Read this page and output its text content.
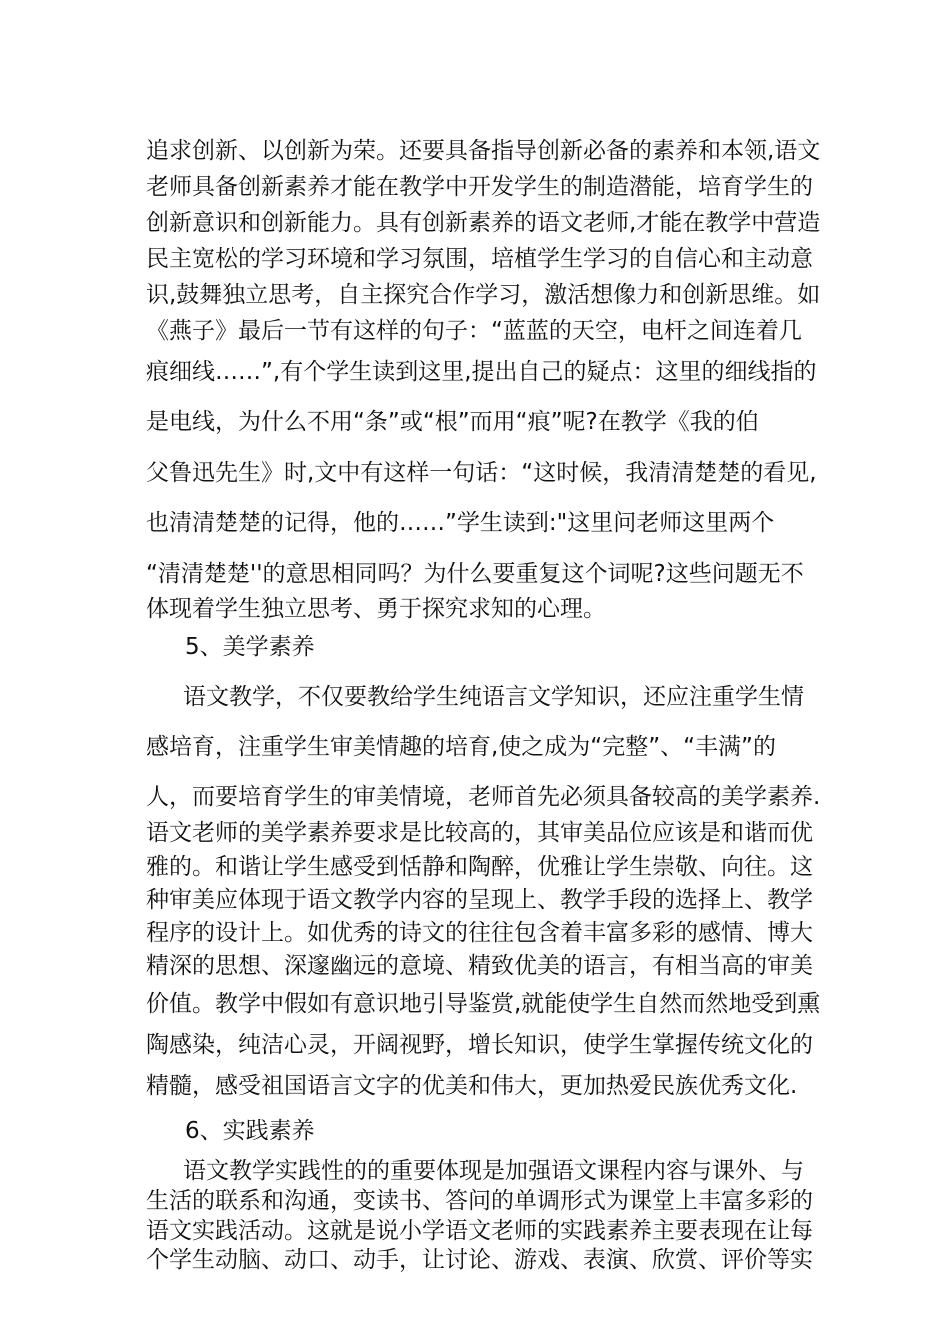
追求创新、以创新为荣。还要具备指导创新必备的素养和本领,语文

老师具备创新素养才能在教学中开发学生的制造潜能，培育学生的

创新意识和创新能力。具有创新素养的语文老师,才能在教学中营造

民主宽松的学习环境和学习氛围，培植学生学习的自信心和主动意

识,鼓舞独立思考，自主探究合作学习，激活想像力和创新思维。如

《燕子》最后一节有这样的句子：“蓝蓝的天空，电杆之间连着几

痕细线……”,有个学生读到这里,提出自己的疑点：这里的细线指的

是电线，为什么不用“条”或“根”而用“痕”呢?在教学《我的伯

父鲁迅先生》时,文中有这样一句话：“这时候，我清清楚楚的看见,

也清清楚楚的记得，他的……”学生读到:"这里问老师这里两个

“清清楚楚''的意思相同吗？为什么要重复这个词呢?这些问题无不

体现着学生独立思考、勇于探究求知的心理。

5、美学素养

语文教学，不仅要教给学生纯语言文学知识，还应注重学生情

感培育，注重学生审美情趣的培育,使之成为“完整”、“丰满”的

人，而要培育学生的审美情境，老师首先必须具备较高的美学素养.

语文老师的美学素养要求是比较高的，其审美品位应该是和谐而优

雅的。和谐让学生感受到恬静和陶醉，优雅让学生崇敬、向往。这

种审美应体现于语文教学内容的呈现上、教学手段的选择上、教学

程序的设计上。如优秀的诗文的往往包含着丰富多彩的感情、博大

精深的思想、深邃幽远的意境、精致优美的语言，有相当高的审美

价值。教学中假如有意识地引导鉴赏,就能使学生自然而然地受到熏

陶感染，纯洁心灵，开阔视野，增长知识，使学生掌握传统文化的

精髓，感受祖国语言文字的优美和伟大，更加热爱民族优秀文化.

6、实践素养

语文教学实践性的的重要体现是加强语文课程内容与课外、与

生活的联系和沟通，变读书、答问的单调形式为课堂上丰富多彩的

语文实践活动。这就是说小学语文老师的实践素养主要表现在让每

个学生动脑、动口、动手，让讨论、游戏、表演、欣赏、评价等实
